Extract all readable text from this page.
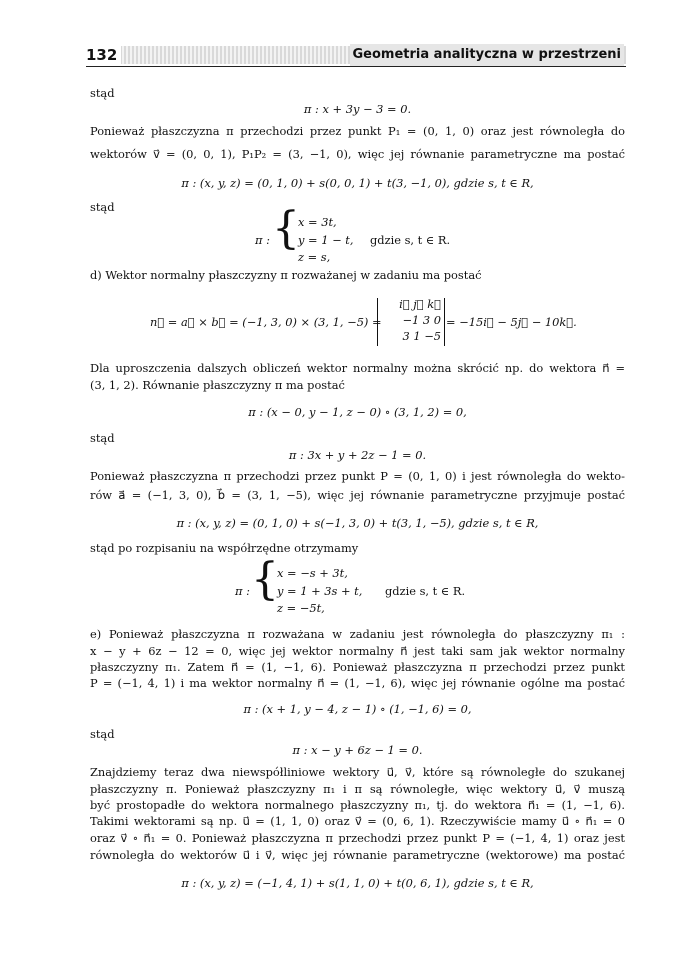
132	Geometria analityczna w przestrzeni
stąd
π : x + 3y − 3 = 0.
Ponieważ płaszczyzna π przechodzi przez punkt P₁ = (0, 1, 0) oraz jest równoległa do
wektorów v⃗ = (0, 0, 1), P₁P₂ = (3, −1, 0), więc jej równanie parametryczne ma postać
π : (x, y, z) = (0, 1, 0) + s(0, 0, 1) + t(3, −1, 0), gdzie s, t ∈ R,
stąd
π : {
x = 3t,
y = 1 − t,
z = s,
gdzie s, t ∈ R.
d) Wektor normalny płaszczyzny π rozważanej w zadaniu ma postać
n⃗ = a⃗ × b⃗ = (−1, 3, 0) × (3, 1, −5) =
i⃗ j⃗ k⃗
−1 3 0
3 1 −5
= −15i⃗ − 5j⃗ − 10k⃗.
Dla uproszczenia dalszych obliczeń wektor normalny można skrócić np. do wektora n⃗ =
(3, 1, 2). Równanie płaszczyzny π ma postać
π : (x − 0, y − 1, z − 0) ∘ (3, 1, 2) = 0,
stąd
π : 3x + y + 2z − 1 = 0.
Ponieważ płaszczyzna π przechodzi przez punkt P = (0, 1, 0) i jest równoległa do wekto-
rów a⃗ = (−1, 3, 0), b⃗ = (3, 1, −5), więc jej równanie parametryczne przyjmuje postać
π : (x, y, z) = (0, 1, 0) + s(−1, 3, 0) + t(3, 1, −5), gdzie s, t ∈ R,
stąd po rozpisaniu na współrzędne otrzymamy
π : {
x = −s + 3t,
y = 1 + 3s + t,
z = −5t,
gdzie s, t ∈ R.
e) Ponieważ płaszczyzna π rozważana w zadaniu jest równoległa do płaszczyzny π₁ :
x − y + 6z − 12 = 0, więc jej wektor normalny n⃗ jest taki sam jak wektor normalny
płaszczyzny π₁. Zatem n⃗ = (1, −1, 6). Ponieważ płaszczyzna π przechodzi przez punkt
P = (−1, 4, 1) i ma wektor normalny n⃗ = (1, −1, 6), więc jej równanie ogólne ma postać
π : (x + 1, y − 4, z − 1) ∘ (1, −1, 6) = 0,
stąd
π : x − y + 6z − 1 = 0.
Znajdziemy teraz dwa niewspółliniowe wektory u⃗, v⃗, które są równoległe do szukanej
płaszczyzny π. Ponieważ płaszczyzny π₁ i π są równoległe, więc wektory u⃗, v⃗ muszą
być prostopadłe do wektora normalnego płaszczyzny π₁, tj. do wektora n⃗₁ = (1, −1, 6).
Takimi wektorami są np. u⃗ = (1, 1, 0) oraz v⃗ = (0, 6, 1). Rzeczywiście mamy u⃗ ∘ n⃗₁ = 0
oraz v⃗ ∘ n⃗₁ = 0. Ponieważ płaszczyzna π przechodzi przez punkt P = (−1, 4, 1) oraz jest
równoległa do wektorów u⃗ i v⃗, więc jej równanie parametryczne (wektorowe) ma postać
π : (x, y, z) = (−1, 4, 1) + s(1, 1, 0) + t(0, 6, 1), gdzie s, t ∈ R,
